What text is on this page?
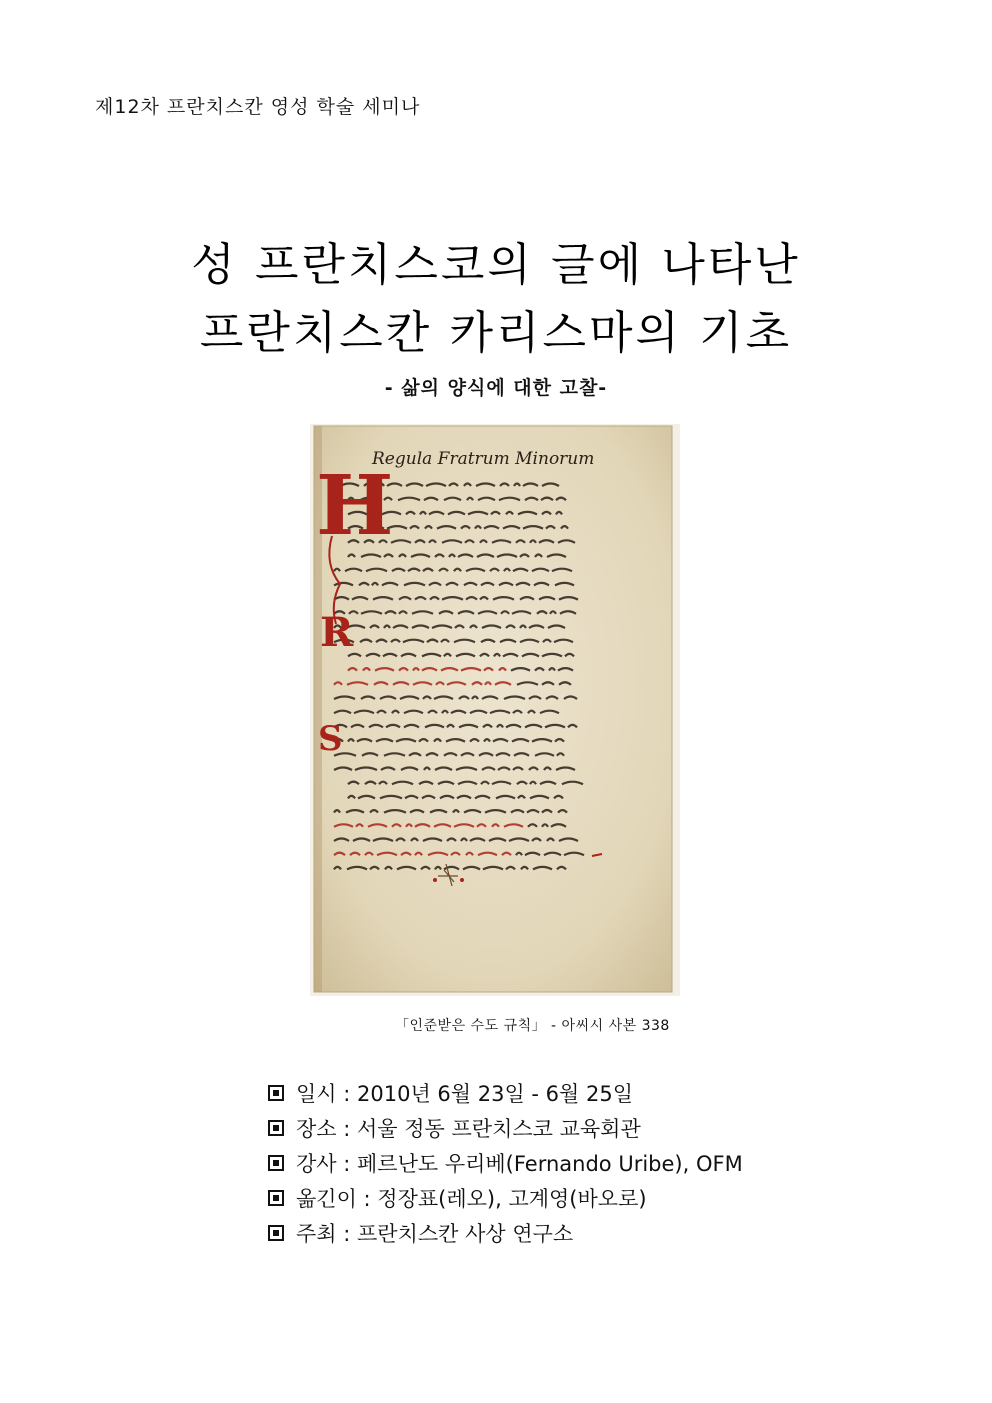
제12차 프란치스칸 영성 학술 세미나
성 프란치스코의 글에 나타난
프란치스칸 카리스마의 기초
- 삶의 양식에 대한 고찰-
Regula Fratrum Minorum
H
R
S
「인준받은 수도 규칙」 - 아씨시 사본 338
일시 : 2010년 6월 23일 - 6월 25일
장소 : 서울 정동 프란치스코 교육회관
강사 : 페르난도 우리베(Fernando Uribe), OFM
옮긴이 : 정장표(레오), 고계영(바오로)
주최 : 프란치스칸 사상 연구소
